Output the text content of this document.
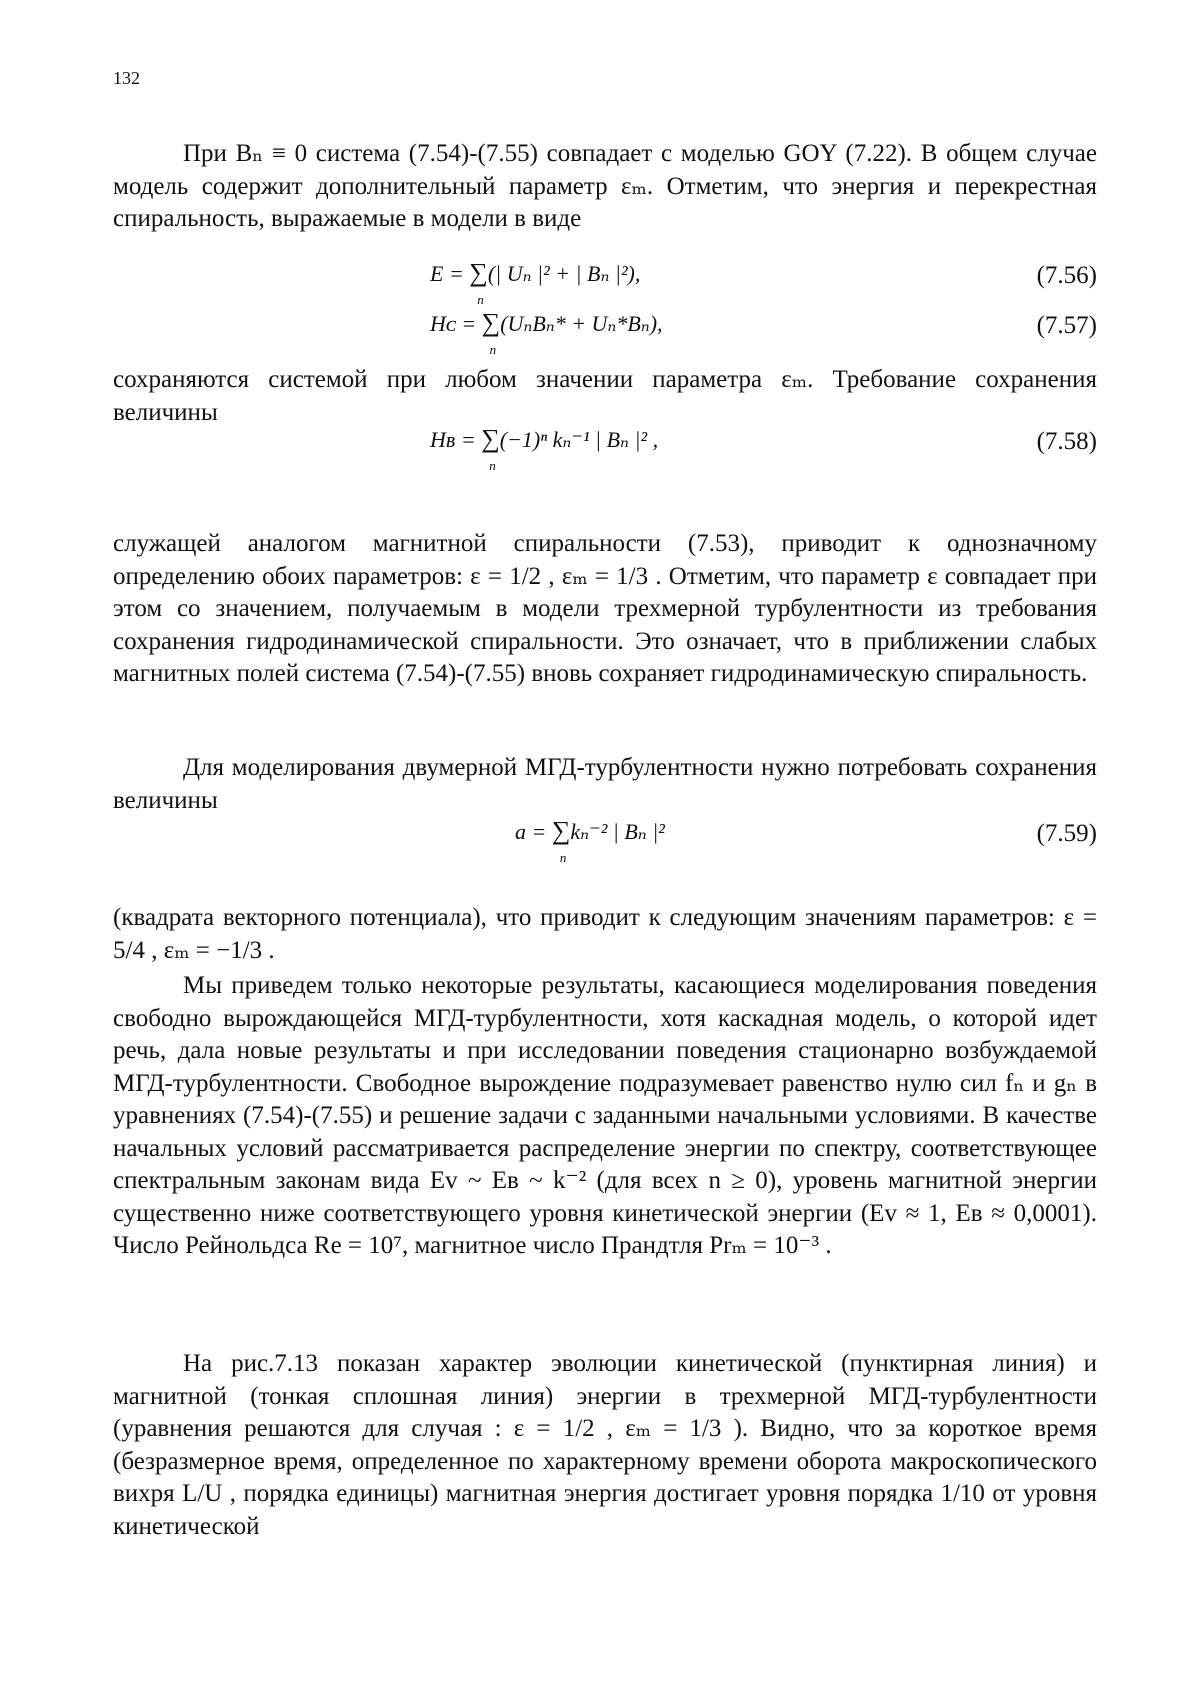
132

При Bₙ ≡ 0 система (7.54)-(7.55) совпадает с моделью GOY (7.22). В общем случае модель содержит дополнительный параметр εₘ. Отметим, что энергия и перекрестная спиральность, выражаемые в модели в виде

E = ∑
n
(| Uₙ |² + | Bₙ |²),	(7.56)
Hᴄ = ∑
n
(UₙBₙ* + Uₙ*Bₙ),	(7.57)

сохраняются системой при любом значении параметра εₘ. Требование сохранения величины

Hʙ = ∑
n
(−1)ⁿ kₙ⁻¹ | Bₙ |² ,	(7.58)

служащей аналогом магнитной спиральности (7.53), приводит к однозначному определению обоих параметров: ε = 1/2 , εₘ = 1/3 . Отметим, что параметр ε совпадает при этом со значением, получаемым в модели трехмерной турбулентности из требования сохранения гидродинамической спиральности. Это означает, что в приближении слабых магнитных полей система (7.54)-(7.55) вновь сохраняет гидродинамическую спиральность.

Для моделирования двумерной МГД-турбулентности нужно потребовать сохранения величины

a = ∑
n
kₙ⁻² | Bₙ |²	(7.59)

(квадрата векторного потенциала), что приводит к следующим значениям параметров: ε = 5/4 , εₘ = −1/3 .

Мы приведем только некоторые результаты, касающиеся моделирования поведения свободно вырождающейся МГД-турбулентности, хотя каскадная модель, о которой идет речь, дала новые результаты и при исследовании поведения стационарно возбуждаемой МГД-турбулентности. Свободное вырождение подразумевает равенство нулю сил fₙ и gₙ в уравнениях (7.54)-(7.55) и решение задачи с заданными начальными условиями. В качестве начальных условий рассматривается распределение энергии по спектру, соответствующее спектральным законам вида Eᴠ ~ Eʙ ~ k⁻² (для всех n ≥ 0), уровень магнитной энергии существенно ниже соответствующего уровня кинетической энергии (Eᴠ ≈ 1, Eʙ ≈ 0,0001). Число Рейнольдса Re = 10⁷, магнитное число Прандтля Prₘ = 10⁻³ .

На рис.7.13 показан характер эволюции кинетической (пунктирная линия) и магнитной (тонкая сплошная линия) энергии в трехмерной МГД-турбулентности (уравнения решаются для случая : ε = 1/2 , εₘ = 1/3 ). Видно, что за короткое время (безразмерное время, определенное по характерному времени оборота макроскопического вихря L/U , порядка единицы) магнитная энергия достигает уровня порядка 1/10 от уровня кинетической
